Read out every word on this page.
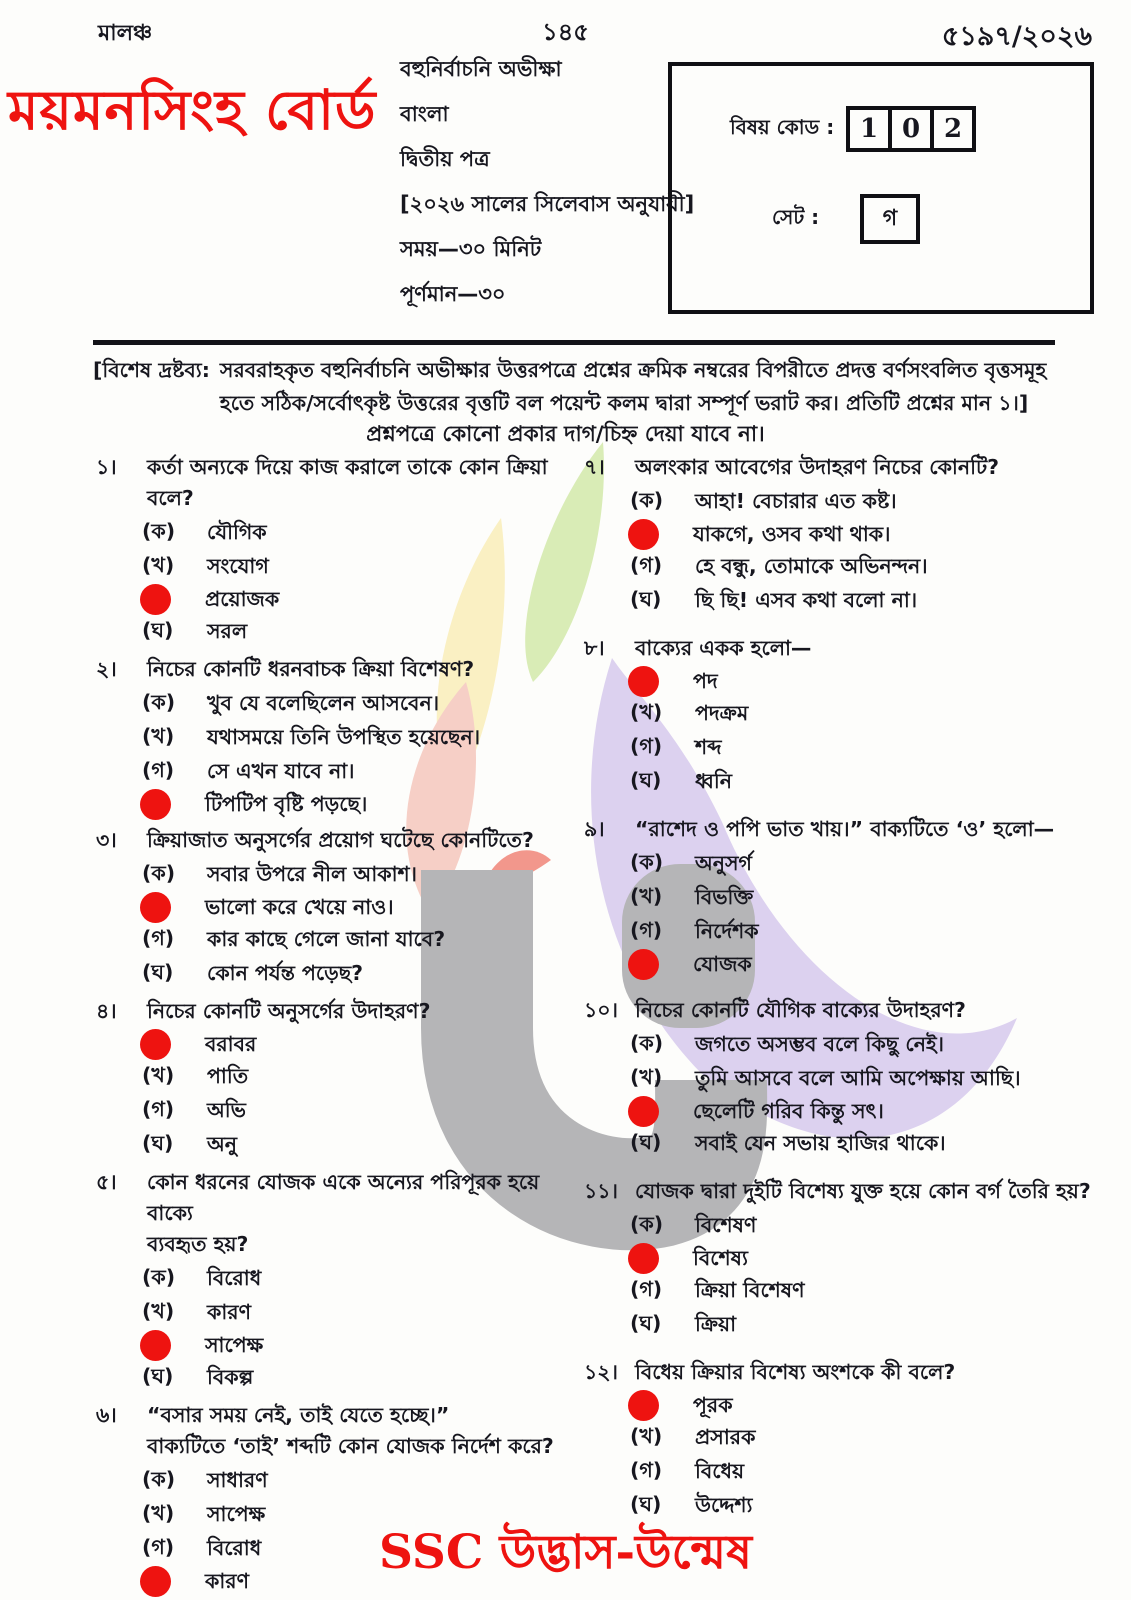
মালঞ্চ	১৪৫	৫১৯৭/২০২৬
ময়মনসিংহ বোর্ড
বহুনির্বাচনি অভীক্ষা
বাংলা
দ্বিতীয় পত্র
[২০২৬ সালের সিলেবাস অনুযায়ী]
সময়—৩০ মিনিট
পূর্ণমান—৩০
বিষয় কোড : 1 0 2
সেট :	গ
[বিশেষ দ্রষ্টব্য: সরবরাহকৃত বহুনির্বাচনি অভীক্ষার উত্তরপত্রে প্রশ্নের ক্রমিক নম্বরের বিপরীতে প্রদত্ত বর্ণসংবলিত বৃত্তসমূহ হতে সঠিক/সর্বোৎকৃষ্ট উত্তরের বৃত্তটি বল পয়েন্ট কলম দ্বারা সম্পূর্ণ ভরাট কর। প্রতিটি প্রশ্নের মান ১।]
প্রশ্নপত্রে কোনো প্রকার দাগ/চিহ্ন দেয়া যাবে না।
১।	কর্তা অন্যকে দিয়ে কাজ করালে তাকে কোন ক্রিয়া বলে?
(ক)	যৌগিক
(খ)	সংযোগ
প্রয়োজক
(ঘ)	সরল
২।	নিচের কোনটি ধরনবাচক ক্রিয়া বিশেষণ?
(ক)	খুব যে বলেছিলেন আসবেন।
(খ)	যথাসময়ে তিনি উপস্থিত হয়েছেন।
(গ)	সে এখন যাবে না।
টিপটিপ বৃষ্টি পড়ছে।
৩।	ক্রিয়াজাত অনুসর্গের প্রয়োগ ঘটেছে কোনটিতে?
(ক)	সবার উপরে নীল আকাশ।
ভালো করে খেয়ে নাও।
(গ)	কার কাছে গেলে জানা যাবে?
(ঘ)	কোন পর্যন্ত পড়েছ?
৪।	নিচের কোনটি অনুসর্গের উদাহরণ?
বরাবর
(খ)	পাতি
(গ)	অভি
(ঘ)	অনু
৫।	কোন ধরনের যোজক একে অন্যের পরিপূরক হয়ে বাক্যে
ব্যবহৃত হয়?
(ক)	বিরোধ
(খ)	কারণ
সাপেক্ষ
(ঘ)	বিকল্প
৬।	“বসার সময় নেই, তাই যেতে হচ্ছে।”
বাক্যটিতে ‘তাই’ শব্দটি কোন যোজক নির্দেশ করে?
(ক)	সাধারণ
(খ)	সাপেক্ষ
(গ)	বিরোধ
কারণ
৭।	অলংকার আবেগের উদাহরণ নিচের কোনটি?
(ক)	আহা! বেচারার এত কষ্ট।
যাকগে, ওসব কথা থাক।
(গ)	হে বন্ধু, তোমাকে অভিনন্দন।
(ঘ)	ছি ছি! এসব কথা বলো না।
৮।	বাক্যের একক হলো—
পদ
(খ)	পদক্রম
(গ)	শব্দ
(ঘ)	ধ্বনি
৯।	“রাশেদ ও পপি ভাত খায়।” বাক্যটিতে ‘ও’ হলো—
(ক)	অনুসর্গ
(খ)	বিভক্তি
(গ)	নির্দেশক
যোজক
১০। নিচের কোনটি যৌগিক বাক্যের উদাহরণ?
(ক)	জগতে অসম্ভব বলে কিছু নেই।
(খ)	তুমি আসবে বলে আমি অপেক্ষায় আছি।
ছেলেটি গরিব কিন্তু সৎ।
(ঘ)	সবাই যেন সভায় হাজির থাকে।
১১। যোজক দ্বারা দুইটি বিশেষ্য যুক্ত হয়ে কোন বর্গ তৈরি হয়?
(ক)	বিশেষণ
বিশেষ্য
(গ)	ক্রিয়া বিশেষণ
(ঘ)	ক্রিয়া
১২। বিধেয় ক্রিয়ার বিশেষ্য অংশকে কী বলে?
পূরক
(খ)	প্রসারক
(গ)	বিধেয়
(ঘ)	উদ্দেশ্য
SSC উদ্ভাস-উন্মেষ
